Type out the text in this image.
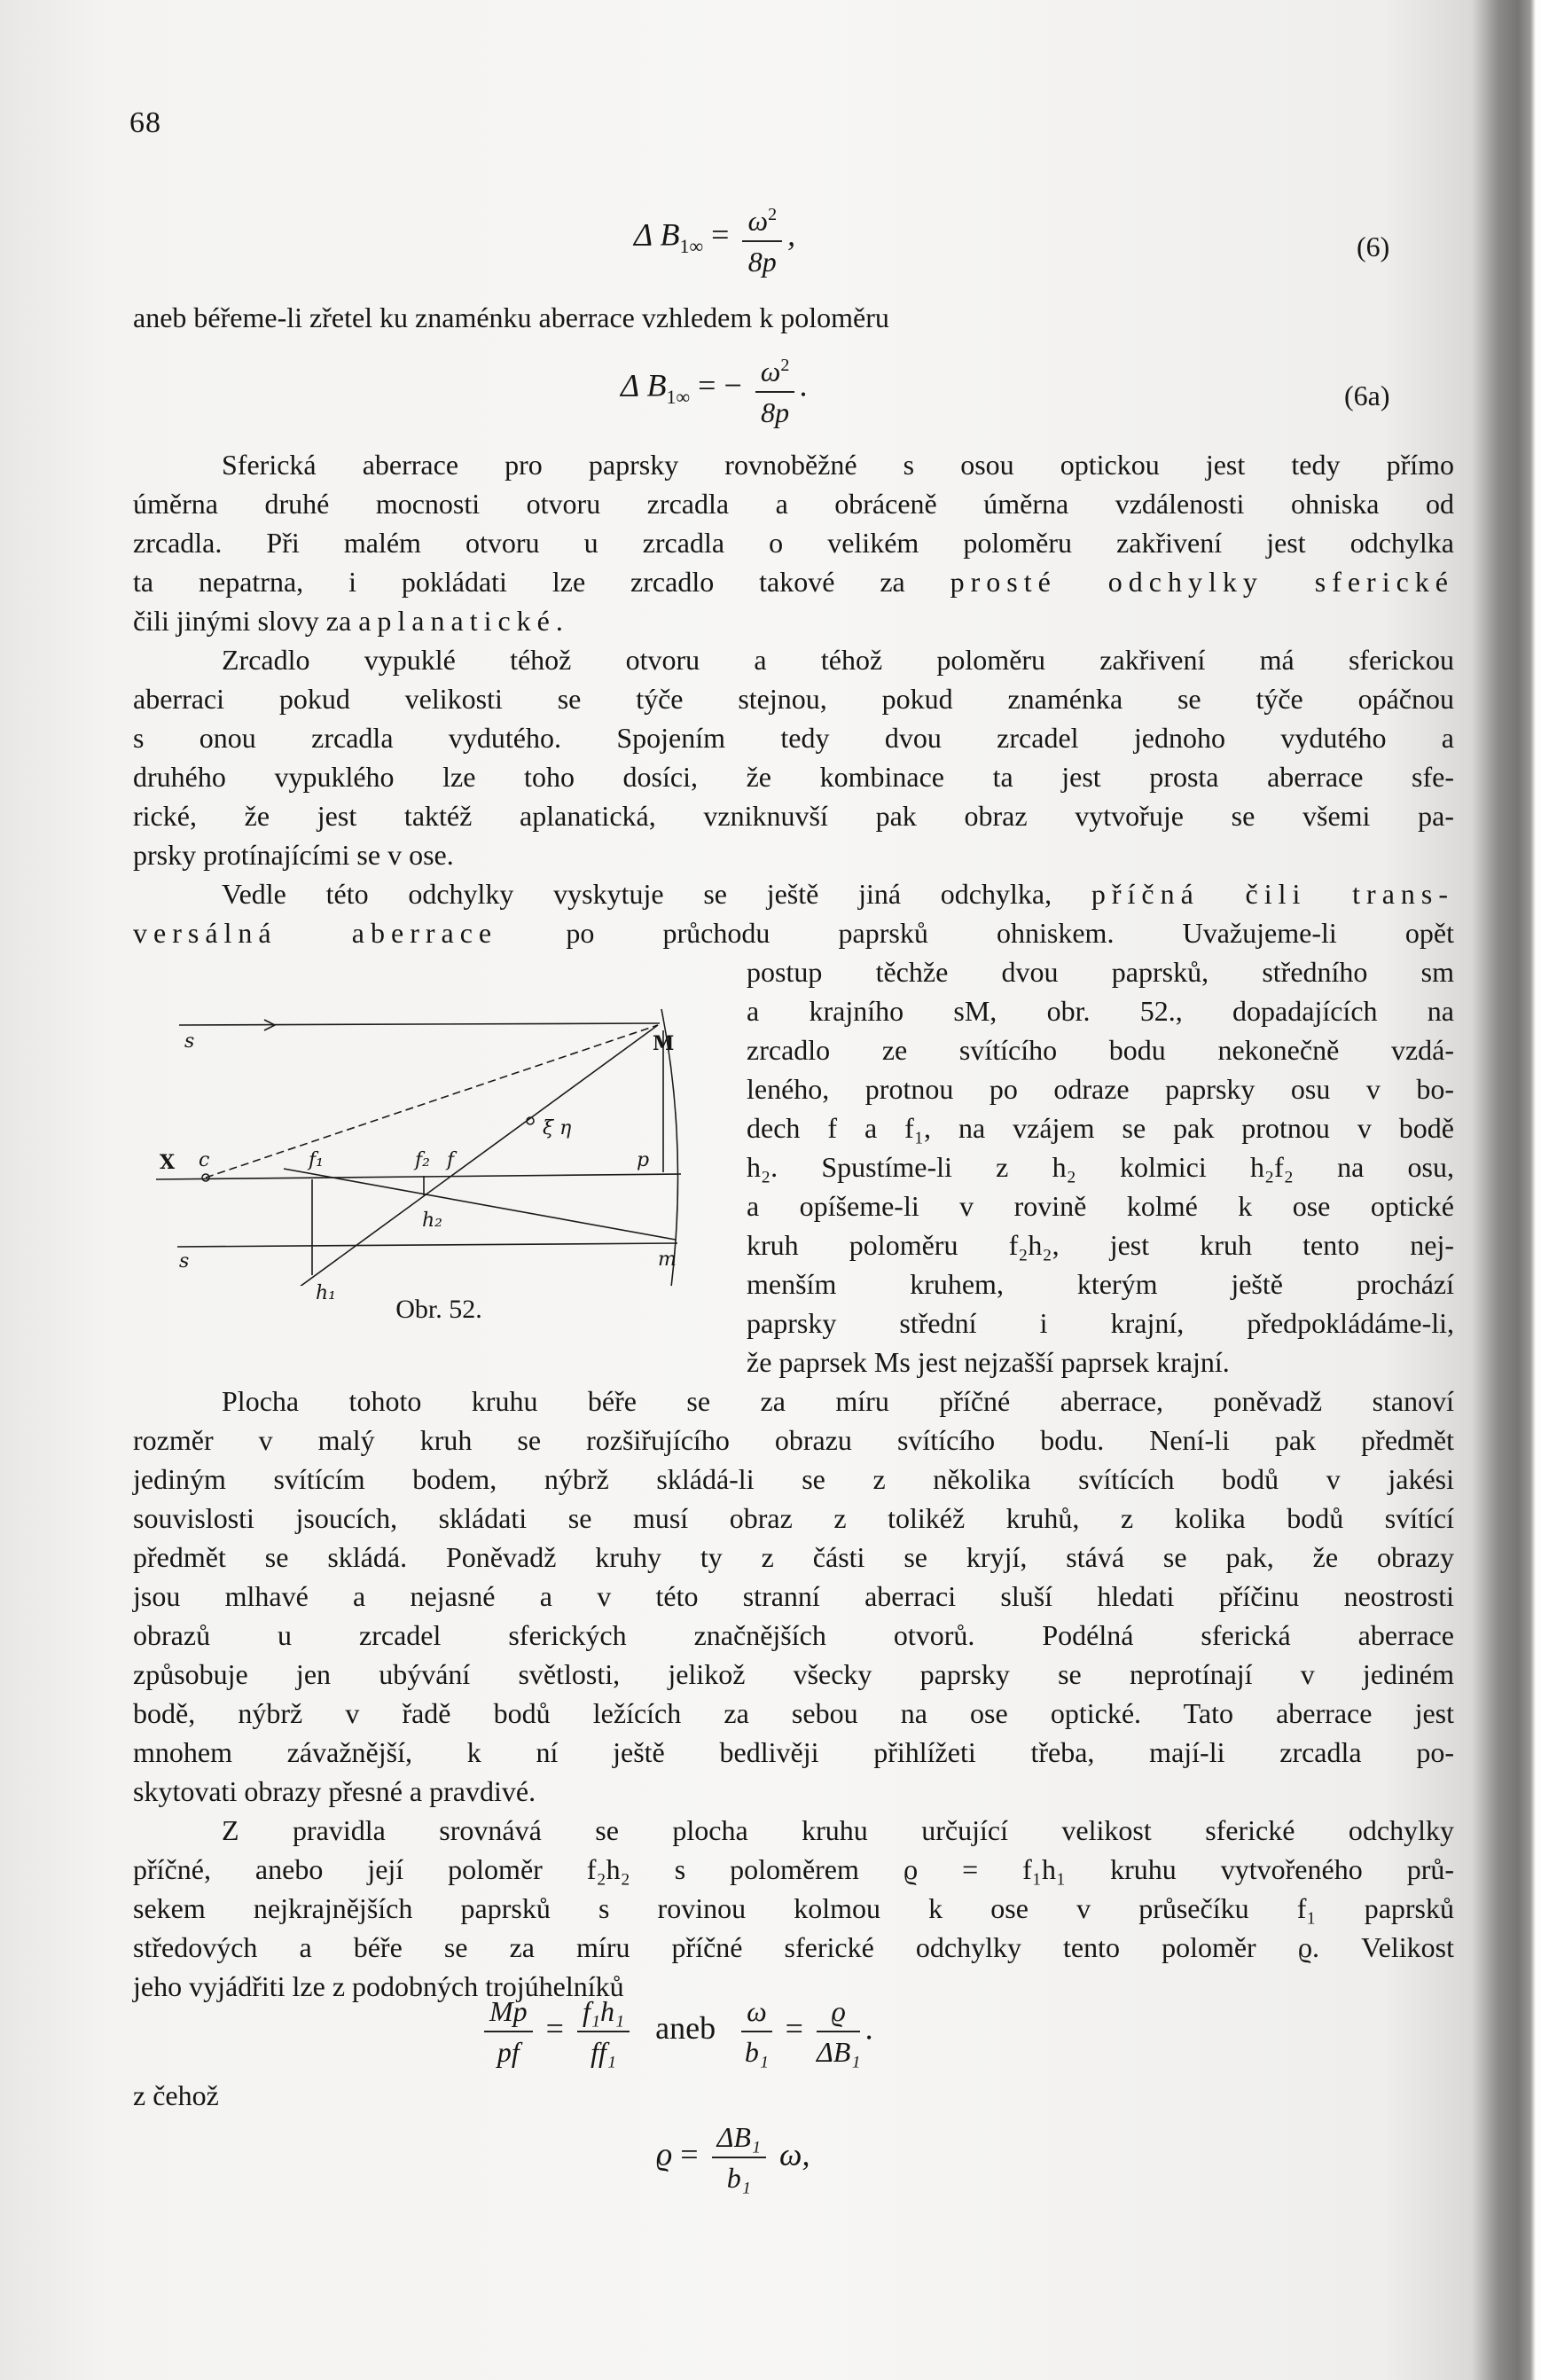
68
Δ $B_{1\infty} = \frac{\omega^2}{8p}$ ,	(6)
aneb béřeme-li zřetel ku znaménku aberrace vzhledem k poloměru
Δ $B_{1\infty}$ = − $\frac{\omega^2}{8p}$ .	(6a)
Sferická aberrace pro paprsky rovnoběžné s osou optickou jest tedy přímo
úměrna druhé mocnosti otvoru zrcadla a obráceně úměrna vzdálenosti ohniska od
zrcadla. Při malém otvoru u zrcadla o velikém poloměru zakřivení jest odchylka
ta nepatrna, i pokládati lze zrcadlo takové za prosté odchylky sferické
čili jinými slovy za aplanatické.
Zrcadlo vypuklé téhož otvoru a téhož poloměru zakřivení má sferickou
aberraci pokud velikosti se týče stejnou, pokud znaménka se týče opáčnou
s onou zrcadla vydutého. Spojením tedy dvou zrcadel jednoho vydutého a
druhého vypuklého lze toho dosíci, že kombinace ta jest prosta aberrace sfe-
rické, že jest taktéž aplanatická, vzniknuvší pak obraz vytvořuje se všemi pa-
prsky protínajícími se v ose.
Vedle této odchylky vyskytuje se ještě jiná odchylka, příčná čili trans-
versálná aberrace po průchodu paprsků ohniskem. Uvažujeme-li opět
postup těchže dvou paprsků, středního sm
a krajního sM, obr. 52., dopadajících na
zrcadlo ze svítícího bodu nekonečně vzdá-
leného, protnou po odraze paprsky osu v bo-
dech f a f₁, na vzájem se pak protnou v bodě
h₂. Spustíme-li z h₂ kolmici h₂f₂ na osu,
a opíšeme-li v rovině kolmé k ose optické
kruh poloměru f₂h₂, jest kruh tento nej-
menším kruhem, kterým ještě prochází
paprsky střední i krajní, předpokládáme-li,
že paprsek Ms jest nejzašší paprsek krajní.
s
X c	f₁	f₂ f
ξ η
p
M
s	m
h₂
h₁
Obr. 52.
Plocha tohoto kruhu béře se za míru příčné aberrace, poněvadž stanoví
rozměr v malý kruh se rozšiřujícího obrazu svítícího bodu. Není-li pak předmět
jediným svítícím bodem, nýbrž skládá-li se z několika svítících bodů v jakési
souvislosti jsoucích, skládati se musí obraz z tolikéž kruhů, z kolika bodů svítící
předmět se skládá. Poněvadž kruhy ty z části se kryjí, stává se pak, že obrazy
jsou mlhavé a nejasné a v této stranní aberraci sluší hledati příčinu neostrosti
obrazů u zrcadel sferických značnějších otvorů. Podélná sferická aberrace
způsobuje jen ubývání světlosti, jelikož všecky paprsky se neprotínají v jediném
bodě, nýbrž v řadě bodů ležících za sebou na ose optické. Tato aberrace jest
mnohem závažnější, k ní ještě bedlivěji přihlížeti třeba, mají-li zrcadla po-
skytovati obrazy přesné a pravdivé.
Z pravidla srovnává se plocha kruhu určující velikost sferické odchylky
příčné, anebo její poloměr f₂h₂ s poloměrem ϱ = f₁h₁ kruhu vytvořeného prů-
sekem nejkrajnějších paprsků s rovinou kolmou k ose v průsečíku f₁ paprsků
středových a béře se za míru příčné sferické odchylky tento poloměr ϱ. Velikost
jeho vyjádřiti lze z podobných trojúhelníků
$\frac{Mp}{pf} = \frac{\text{f₁h₁}}{\text{ff₁}}$ aneb $\frac{\omega}{\text{b₁}} = \frac{ϱ}{\text{ΔB₁}}$ .
z čehož
$ϱ = \frac{\text{ΔB₁}}{\text{b₁}} \omega$,
